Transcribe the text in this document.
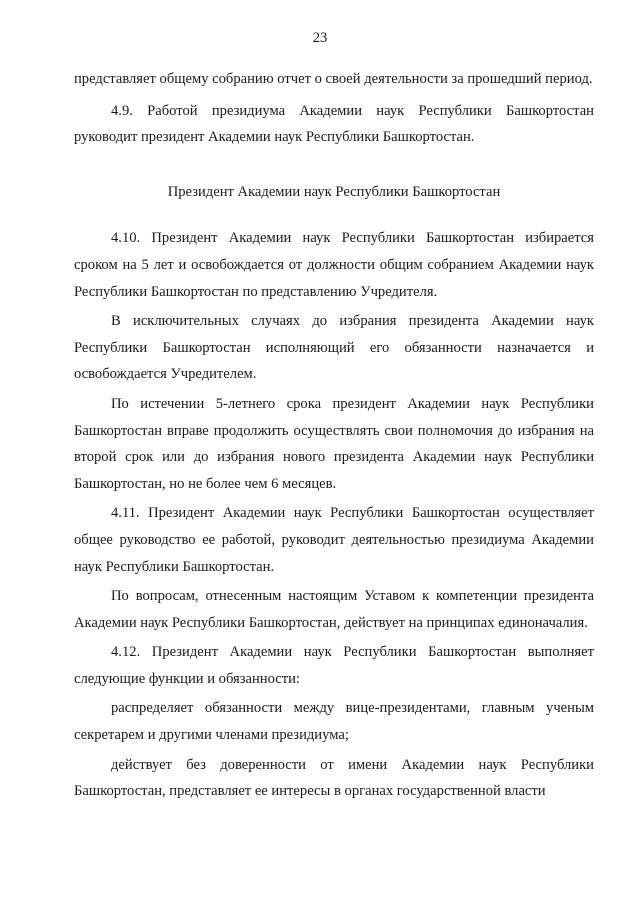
23

представляет общему собранию отчет о своей деятельности за прошедший период.

4.9. Работой президиума Академии наук Республики Башкортостан руководит президент Академии наук Республики Башкортостан.

Президент Академии наук Республики Башкортостан

4.10. Президент Академии наук Республики Башкортостан избирается сроком на 5 лет и освобождается от должности общим собранием Академии наук Республики Башкортостан по представлению Учредителя.

В исключительных случаях до избрания президента Академии наук Республики Башкортостан исполняющий его обязанности назначается и освобождается Учредителем.

По истечении 5-летнего срока президент Академии наук Республики Башкортостан вправе продолжить осуществлять свои полномочия до избрания на второй срок или до избрания нового президента Академии наук Республики Башкортостан, но не более чем 6 месяцев.

4.11. Президент Академии наук Республики Башкортостан осуществляет общее руководство ее работой, руководит деятельностью президиума Академии наук Республики Башкортостан.

По вопросам, отнесенным настоящим Уставом к компетенции президента Академии наук Республики Башкортостан, действует на принципах единоначалия.

4.12. Президент Академии наук Республики Башкортостан выполняет следующие функции и обязанности:

распределяет обязанности между вице-президентами, главным ученым секретарем и другими членами президиума;

действует без доверенности от имени Академии наук Республики Башкортостан, представляет ее интересы в органах государственной власти
